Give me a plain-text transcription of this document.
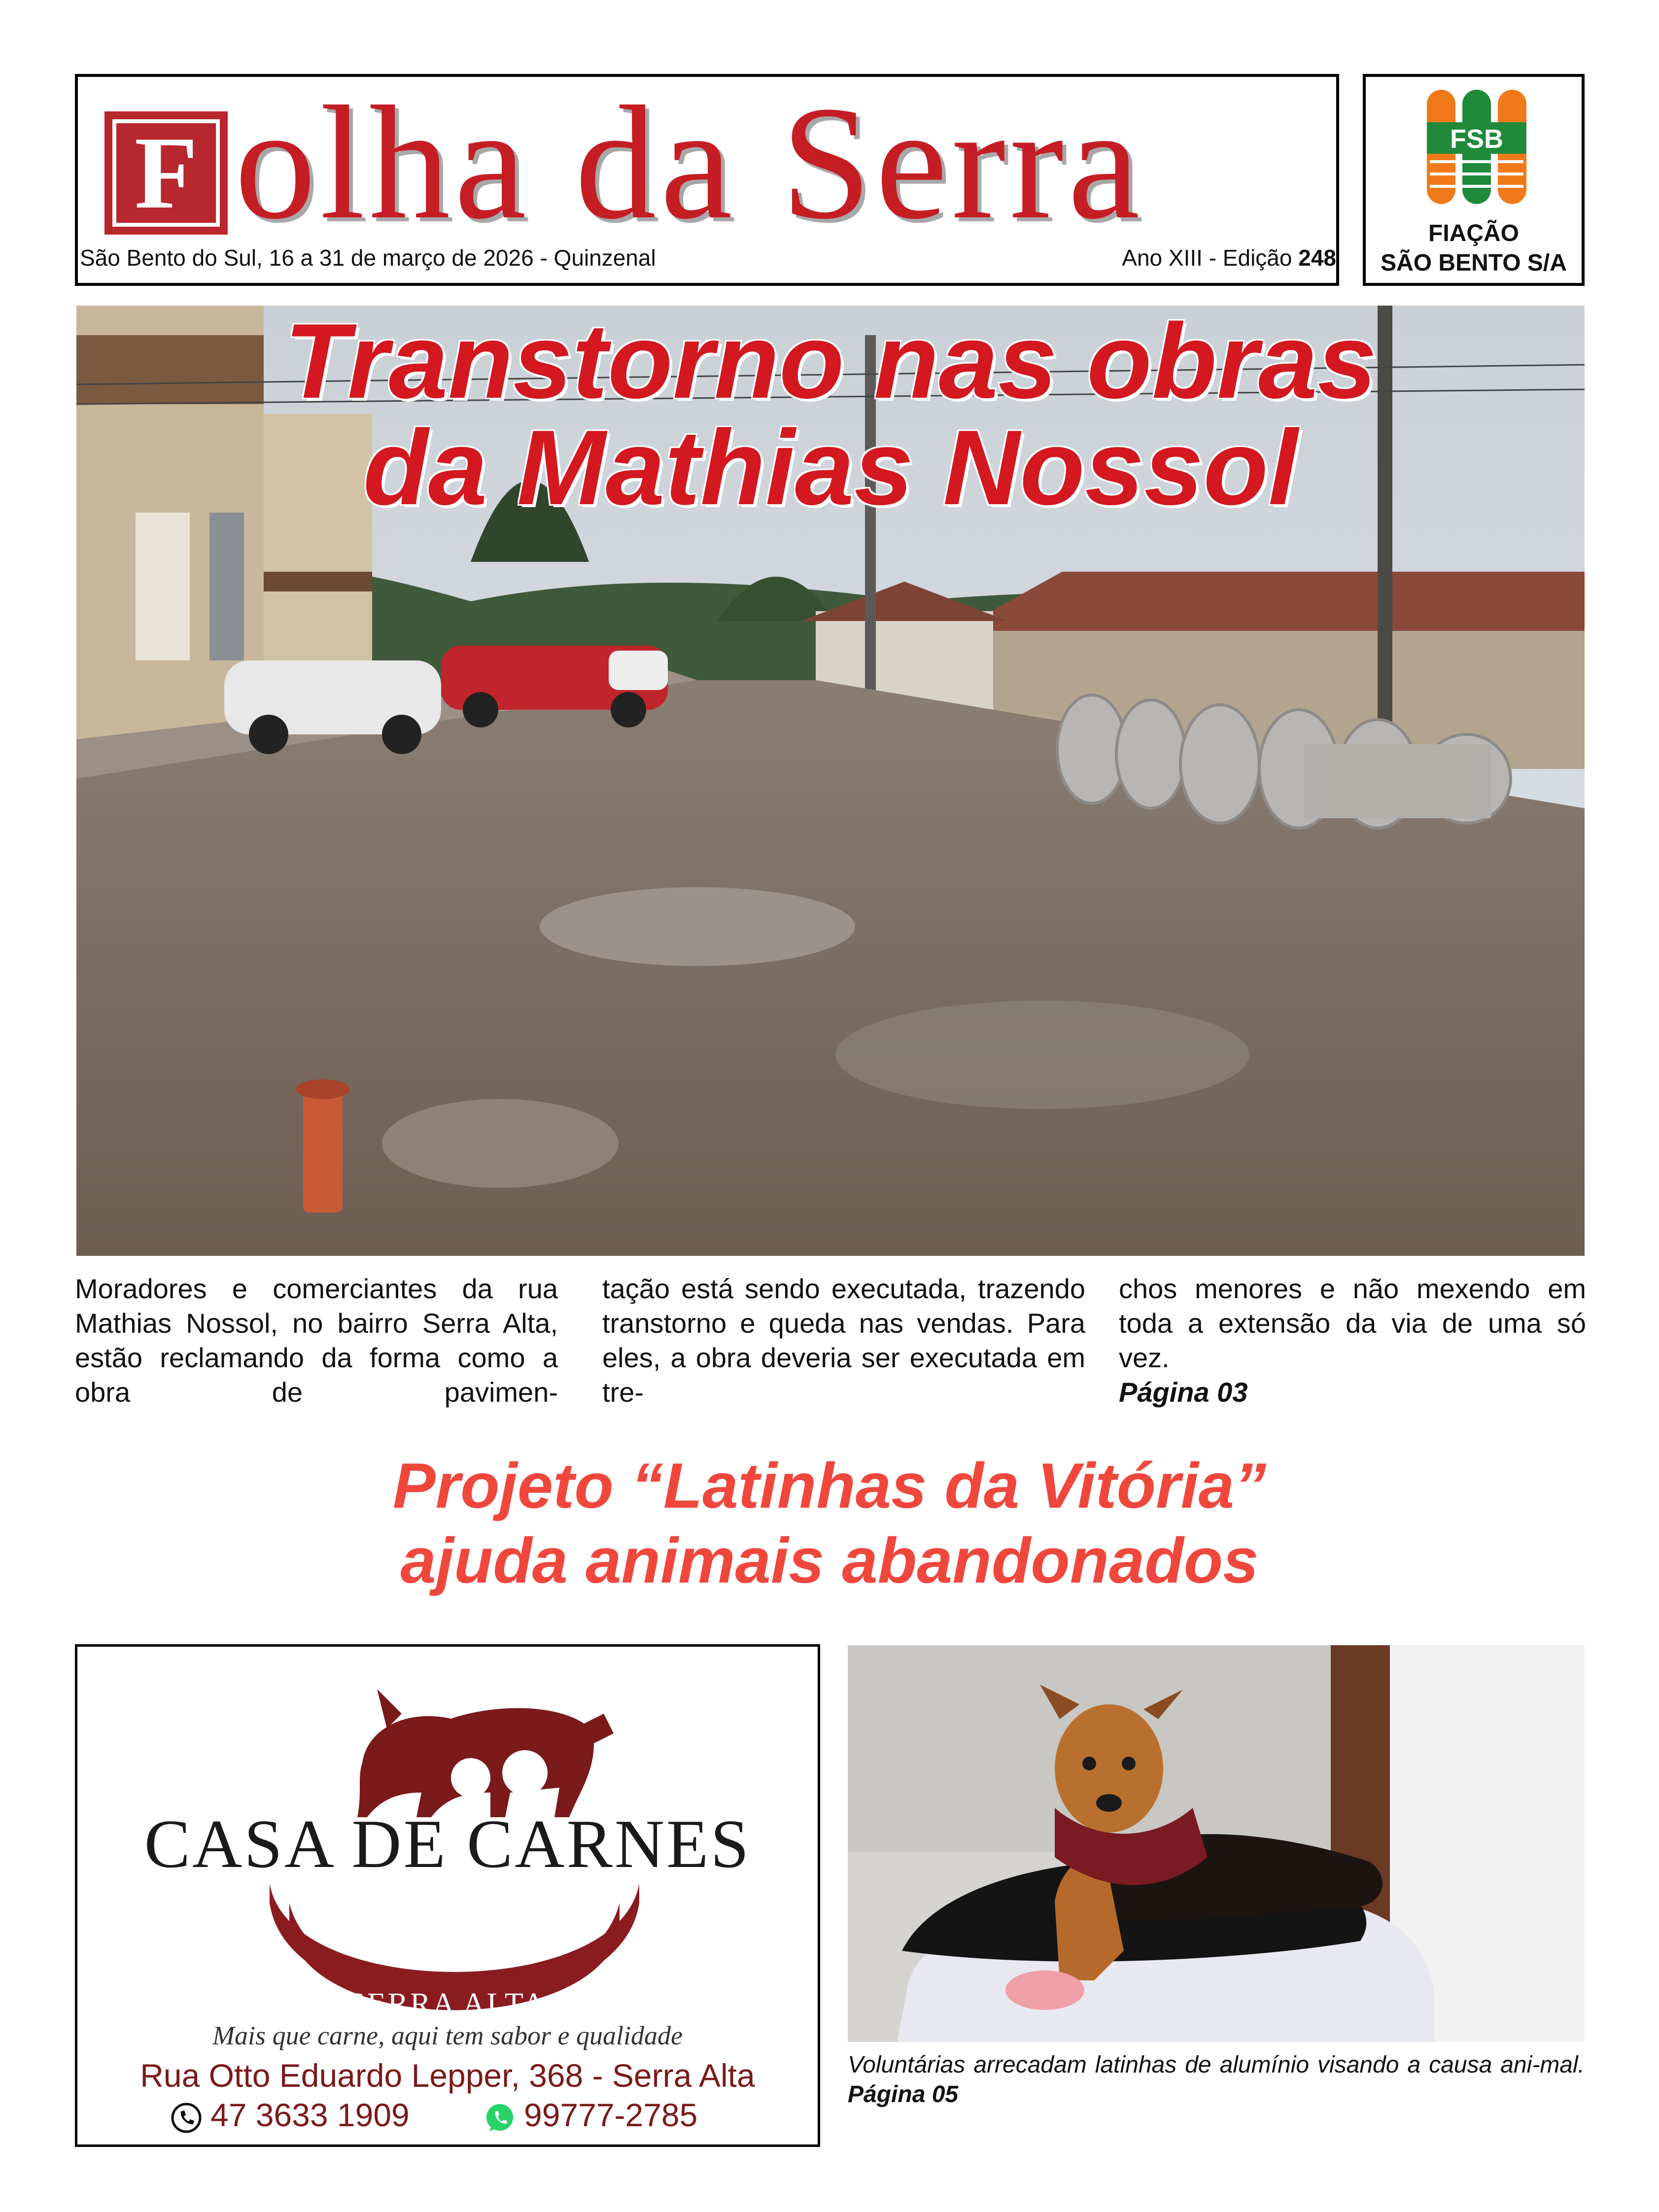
F olha da Serra
São Bento do Sul, 16 a 31 de março de 2026 - Quinzenal	Ano XIII - Edição 248
FSB
FIAÇÃO
SÃO BENTO S/A
Transtorno nas obras
da Mathias Nossol
Moradores e comerciantes da rua Mathias Nossol, no bairro Serra Alta, estão reclamando da forma como a obra de pavimen-
tação está sendo executada, trazendo transtorno e queda nas vendas. Para eles, a obra deveria ser executada em tre-
chos menores e não mexendo em toda a extensão da via de uma só vez.
Página 03
Projeto “Latinhas da Vitória”
ajuda animais abandonados
CASA DE CARNES
SERRA ALTA
Mais que carne, aqui tem sabor e qualidade
Rua Otto Eduardo Lepper, 368 - Serra Alta
47 3633 1909	99777-2785
Voluntárias arrecadam latinhas de alumínio visando a causa ani-mal. Página 05
